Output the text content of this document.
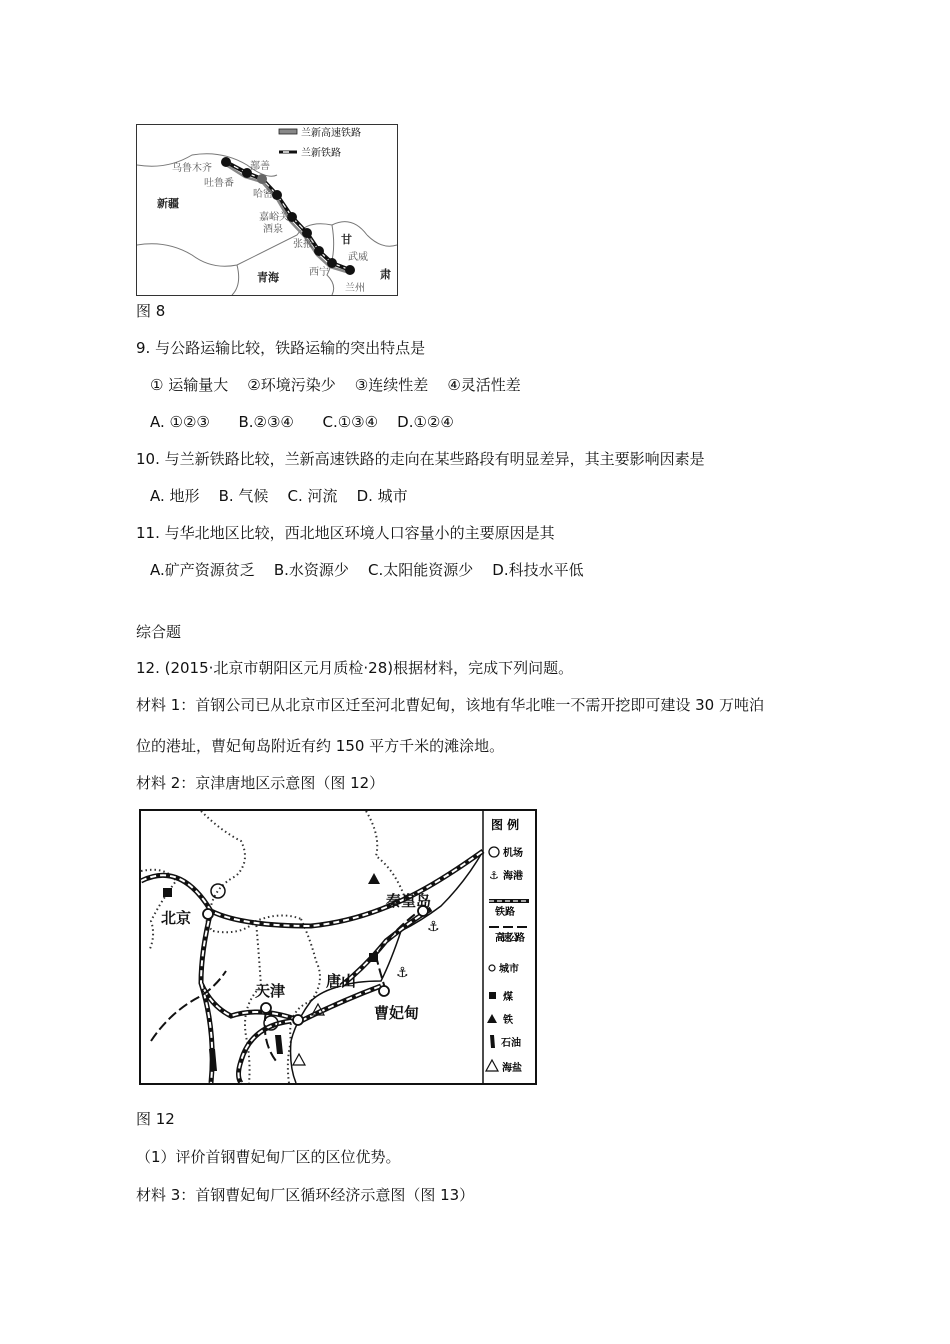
兰新高速铁路
兰新铁路
乌鲁木齐
吐鲁番
鄯善
哈密
嘉峪关
酒泉
张掖
武威
西宁
兰州
新疆
青海
甘
肃
图 8
9. 与公路运输比较，铁路运输的突出特点是
① 运输量大    ②环境污染少    ③连续性差    ④灵活性差
A. ①②③      B.②③④      C.①③④    D.①②④
10. 与兰新铁路比较，兰新高速铁路的走向在某些路段有明显差异，其主要影响因素是
A. 地形    B. 气候    C. 河流    D. 城市
11. 与华北地区比较，西北地区环境人口容量小的主要原因是其
A.矿产资源贫乏    B.水资源少    C.太阳能资源少    D.科技水平低
综合题
12. (2015·北京市朝阳区元月质检·28)根据材料，完成下列问题。
材料 1：首钢公司已从北京市区迁至河北曹妃甸，该地有华北唯一不需开挖即可建设 30 万吨泊
位的港址，曹妃甸岛附近有约 150 平方千米的滩涂地。
材料 2：京津唐地区示意图（图 12）
⚓
⚓
北京
天津
唐山
秦皇岛
曹妃甸
图 例
机场
⚓ 海港
铁路
高速公路
城市
煤
铁
石油
海盐
图 12
（1）评价首钢曹妃甸厂区的区位优势。
材料 3：首钢曹妃甸厂区循环经济示意图（图 13）
